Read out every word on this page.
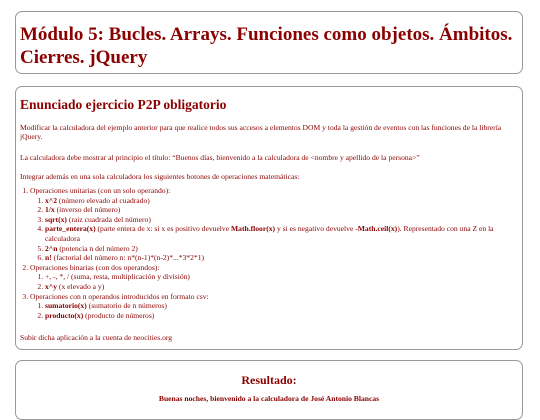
Módulo 5: Bucles. Arrays. Funciones como objetos. Ámbitos. Cierres. jQuery
Enunciado ejercicio P2P obligatorio

Modificar la calculadora del ejemplo anterior para que realice todos sus accesos a elementos DOM y toda la gestión de eventos con las funciones de la librería jQuery.

La calculadora debe mostrar al principio el título: “Buenos días, bienvenido a la calculadora de <nombre y apellido de la persona>”

Integrar además en una sola calculadora los siguientes botones de operaciones matemáticas:

1. Operaciones unitarias (con un solo operando):
1. x^2 (número elevado al cuadrado)
2. 1/x (inverso del número)
3. sqrt(x) (raiz cuadrada del número)
4. parte_entera(x) (parte entera de x: si x es positivo devuelve Math.floor(x) y si es negativo devuelve -Math.ceil(x)). Representado con una Z en la calculadora
5. 2^n (potencia n del número 2)
6. n! (factorial del número n: n*(n-1)*(n-2)*...*3*2*1)
2. Operaciones binarias (con dos operandos):
1. +, -, *, / (suma, resta, multiplicación y división)
2. x^y (x elevado a y)
3. Operaciones con n operandos introducidos en formato csv:
1. sumatorio(x) (sumatorio de n números)
2. producto(x) (producto de números)

Subir dicha aplicación a la cuenta de neocities.org

Resultado:
Buenas noches, bienvenido a la calculadora de José Antonio Blancas
